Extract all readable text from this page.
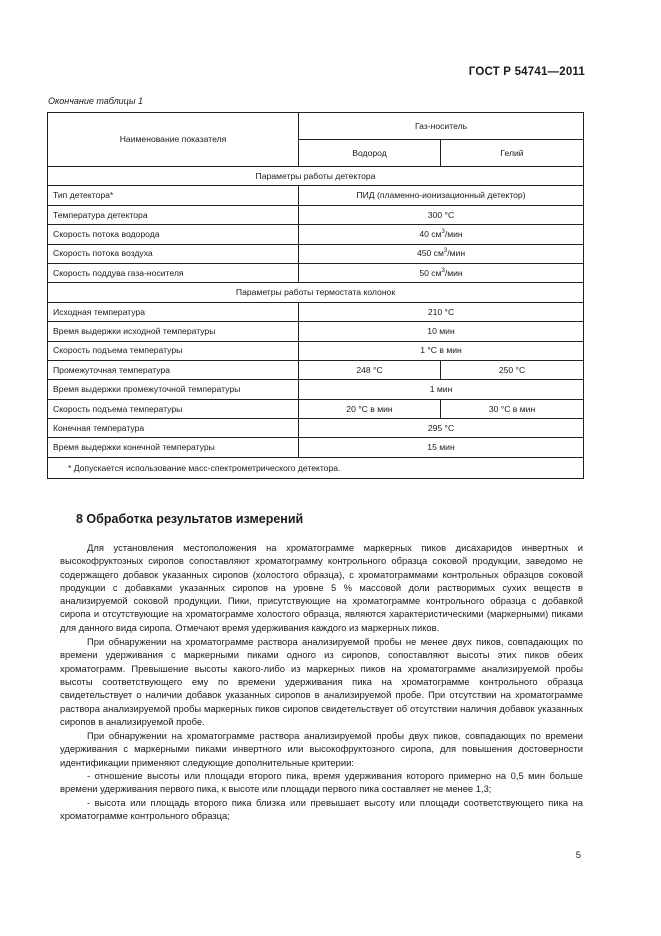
ГОСТ Р 54741—2011
Окончание таблицы 1
Наименование показателя	Газ-носитель	
	Водород	Гелий
Параметры работы детектора		
Тип детектора*	ПИД (пламенно-ионизационный детектор)	
Температура детектора	300 °С	
Скорость потока водорода	40 $см^3$/мин	
Скорость потока воздуха	450 $см^3$/мин	
Скорость поддува газа-носителя	50 $см^3$/мин	
Параметры работы термостата колонок		
Исходная температура	210 °С	
Время выдержки исходной температуры	10 мин	
Скорость подъема температуры	1 °С в мин	
Промежуточная температура	248 °С	250 °С
Время выдержки промежуточной температуры	1 мин	
Скорость подъема температуры	20 °С в мин	30 °С в мин
Конечная температура	295 °С	
Время выдержки конечной температуры	15 мин	
* Допускается использование масс-спектрометрического детектора.		
8 Обработка результатов измерений

Для установления местоположения на хроматограмме маркерных пиков дисахаридов инвертных и высокофруктозных сиропов сопоставляют хроматограмму контрольного образца соковой продукции, заведомо не содержащего добавок указанных сиропов (холостого образца), с хроматограммами контрольных образцов соковой продукции с добавками указанных сиропов на уровне 5 % массовой доли растворимых сухих веществ в анализируемой соковой продукции. Пики, присутствующие на хроматограмме контрольного образца с добавкой сиропа и отсутствующие на хроматограмме холостого образца, являются характеристическими (маркерными) пиками для данного вида сиропа. Отмечают время удерживания каждого из маркерных пиков.

При обнаружении на хроматограмме раствора анализируемой пробы не менее двух пиков, совпадающих по времени удерживания с маркерными пиками одного из сиропов, сопоставляют высоты этих пиков обеих хроматограмм. Превышение высоты какого-либо из маркерных пиков на хроматограмме анализируемой пробы высоты соответствующего ему по времени удерживания пика на хроматограмме контрольного образца свидетельствует о наличии добавок указанных сиропов в анализируемой пробе. При отсутствии на хроматограмме раствора анализируемой пробы маркерных пиков сиропов свидетельствует об отсутствии наличия добавок указанных сиропов в анализируемой пробе.

При обнаружении на хроматограмме раствора анализируемой пробы двух пиков, совпадающих по времени удерживания с маркерными пиками инвертного или высокофруктозного сиропа, для повышения достоверности идентификации применяют следующие дополнительные критерии:

- отношение высоты или площади второго пика, время удерживания которого примерно на 0,5 мин больше времени удерживания первого пика, к высоте или площади первого пика составляет не менее 1,3;

- высота или площадь второго пика близка или превышает высоту или площади соответствующего пика на хроматограмме контрольного образца;

5
